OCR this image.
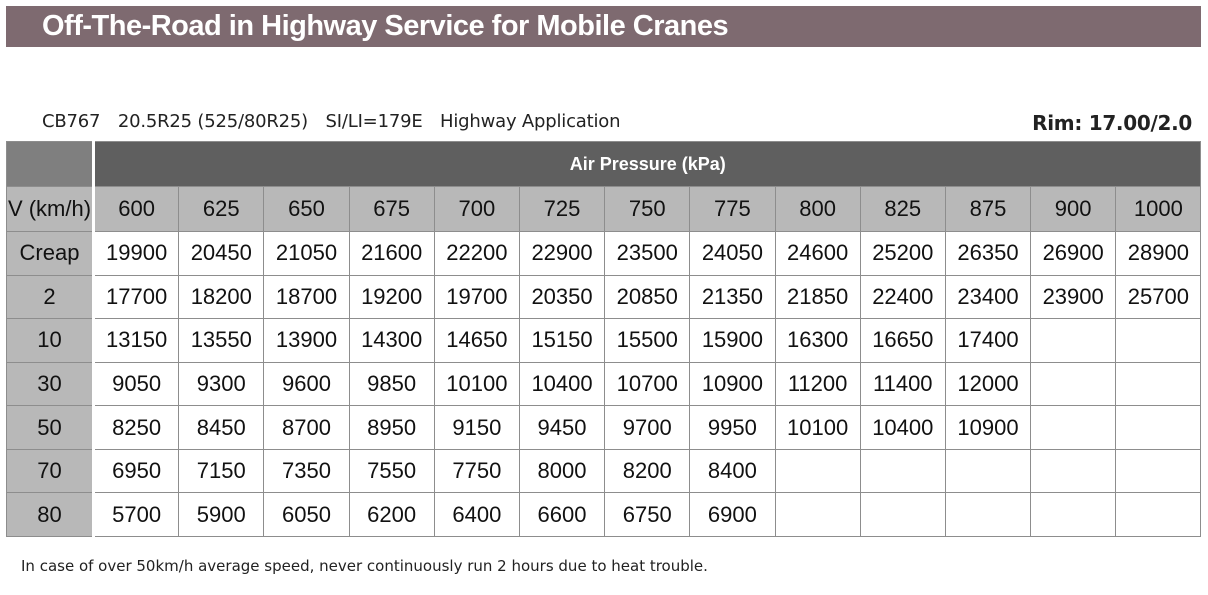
Off-The-Road in Highway Service for Mobile Cranes
CB767 20.5R25 (525/80R25) SI/LI=179E Highway Application	Rim: 17.00/2.0
	Air Pressure (kPa)												
V (km/h)	600	625	650	675	700	725	750	775	800	825	875	900	1000
Creap	19900	20450	21050	21600	22200	22900	23500	24050	24600	25200	26350	26900	28900
2	17700	18200	18700	19200	19700	20350	20850	21350	21850	22400	23400	23900	25700
10	13150	13550	13900	14300	14650	15150	15500	15900	16300	16650	17400		
30	9050	9300	9600	9850	10100	10400	10700	10900	11200	11400	12000		
50	8250	8450	8700	8950	9150	9450	9700	9950	10100	10400	10900		
70	6950	7150	7350	7550	7750	8000	8200	8400					
80	5700	5900	6050	6200	6400	6600	6750	6900					
In case of over 50km/h average speed, never continuously run 2 hours due to heat trouble.
